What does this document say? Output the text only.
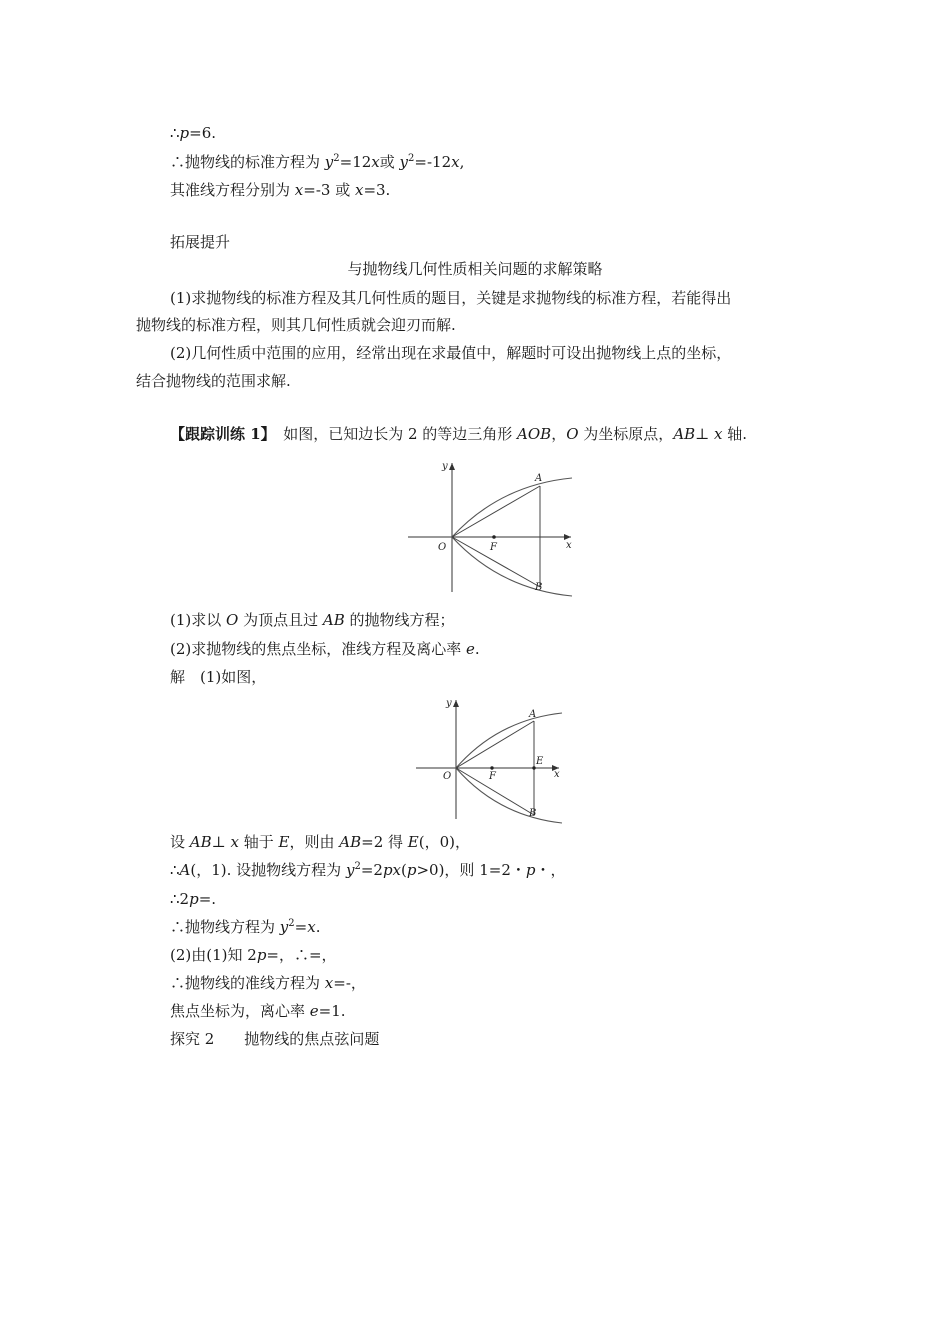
∴p=6.
∴抛物线的标准方程为 $y^2=12x$或 $y^2=-12x$,
其准线方程分别为 x=-3 或 x=3.
拓展提升
与抛物线几何性质相关问题的求解策略
(1)求抛物线的标准方程及其几何性质的题目，关键是求抛物线的标准方程，若能得出
抛物线的标准方程，则其几何性质就会迎刃而解.
(2)几何性质中范围的应用，经常出现在求最值中，解题时可设出抛物线上点的坐标，
结合抛物线的范围求解.
【跟踪训练 1】　 如图，已知边长为 2 的等边三角形 AOB，O 为坐标原点，AB⊥ x 轴.
y
x
A
B
O	F
(1)求以 O 为顶点且过 AB 的抛物线方程；
(2)求抛物线的焦点坐标，准线方程及离心率 e.
解　(1)如图，
y
x
A
B
O	F
E
设 AB⊥ x 轴于 E，则由 AB=2 得 E(，0)，
∴A(，1). 设抛物线方程为 $y^2=2px(p>0)$，则 1=2・p・，
∴2p=.
∴抛物线方程为 $y^2=x$.
(2)由(1)知 2p=，∴=，
∴抛物线的准线方程为 x=-，
焦点坐标为，离心率 e=1.
探究 2　　抛物线的焦点弦问题
